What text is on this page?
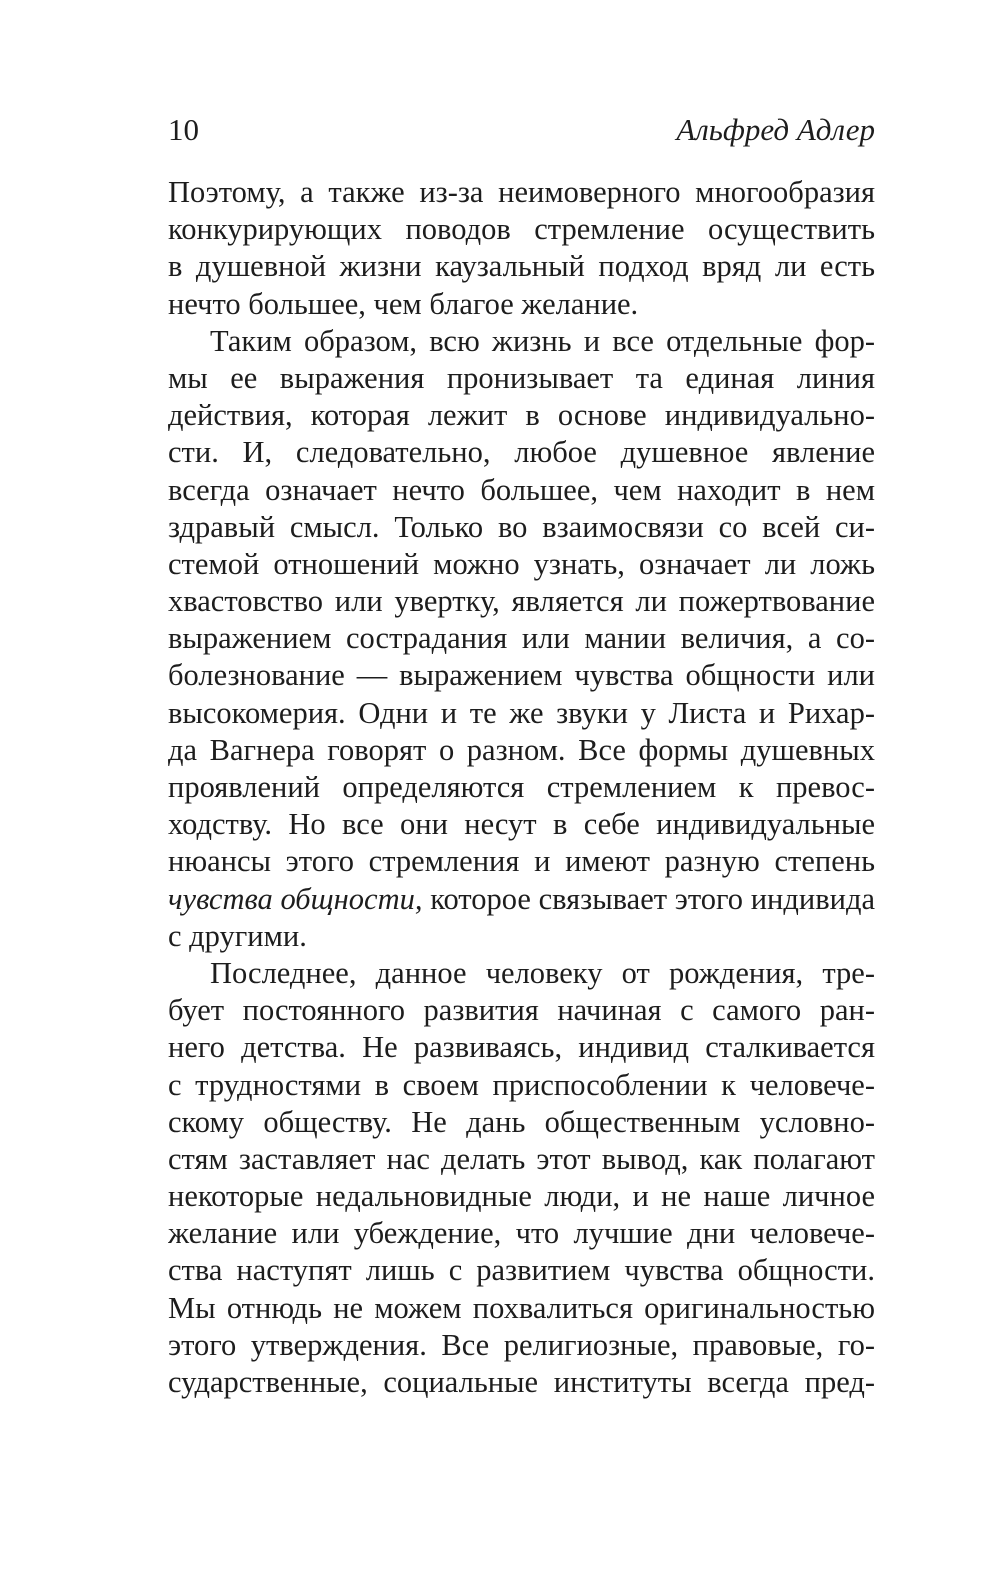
10	Альфред Адлер
Поэтому, а также из-за неимоверного многообразия
конкурирующих поводов стремление осуществить
в душевной жизни каузальный подход вряд ли есть
нечто большее, чем благое желание.
Таким образом, всю жизнь и все отдельные фор-
мы ее выражения пронизывает та единая линия
действия, которая лежит в основе индивидуально-
сти. И, следовательно, любое душевное явление
всегда означает нечто большее, чем находит в нем
здравый смысл. Только во взаимосвязи со всей си-
стемой отношений можно узнать, означает ли ложь
хвастовство или увертку, является ли пожертвование
выражением сострадания или мании величия, а со-
болезнование — выражением чувства общности или
высокомерия. Одни и те же звуки у Листа и Рихар-
да Вагнера говорят о разном. Все формы душевных
проявлений определяются стремлением к превос-
ходству. Но все они несут в себе индивидуальные
нюансы этого стремления и имеют разную степень
чувства общности, которое связывает этого индивида
с другими.
Последнее, данное человеку от рождения, тре-
бует постоянного развития начиная с самого ран-
него детства. Не развиваясь, индивид сталкивается
с трудностями в своем приспособлении к человече-
скому обществу. Не дань общественным условно-
стям заставляет нас делать этот вывод, как полагают
некоторые недальновидные люди, и не наше личное
желание или убеждение, что лучшие дни человече-
ства наступят лишь с развитием чувства общности.
Мы отнюдь не можем похвалиться оригинальностью
этого утверждения. Все религиозные, правовые, го-
сударственные, социальные институты всегда пред-
